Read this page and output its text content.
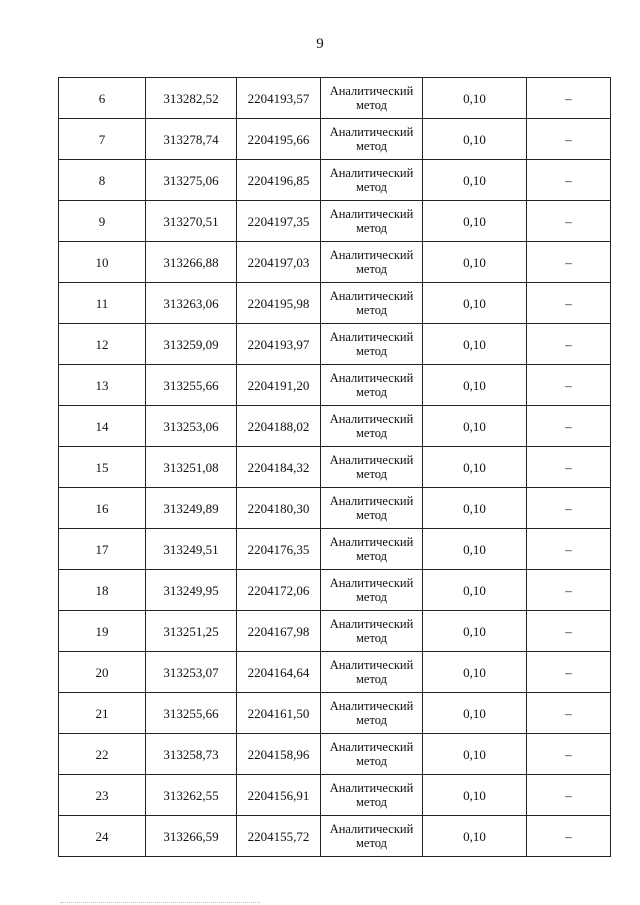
9
6	313282,52	2204193,57	Аналитический метод	0,10	–
7	313278,74	2204195,66	Аналитический метод	0,10	–
8	313275,06	2204196,85	Аналитический метод	0,10	–
9	313270,51	2204197,35	Аналитический метод	0,10	–
10	313266,88	2204197,03	Аналитический метод	0,10	–
11	313263,06	2204195,98	Аналитический метод	0,10	–
12	313259,09	2204193,97	Аналитический метод	0,10	–
13	313255,66	2204191,20	Аналитический метод	0,10	–
14	313253,06	2204188,02	Аналитический метод	0,10	–
15	313251,08	2204184,32	Аналитический метод	0,10	–
16	313249,89	2204180,30	Аналитический метод	0,10	–
17	313249,51	2204176,35	Аналитический метод	0,10	–
18	313249,95	2204172,06	Аналитический метод	0,10	–
19	313251,25	2204167,98	Аналитический метод	0,10	–
20	313253,07	2204164,64	Аналитический метод	0,10	–
21	313255,66	2204161,50	Аналитический метод	0,10	–
22	313258,73	2204158,96	Аналитический метод	0,10	–
23	313262,55	2204156,91	Аналитический метод	0,10	–
24	313266,59	2204155,72	Аналитический метод	0,10	–
